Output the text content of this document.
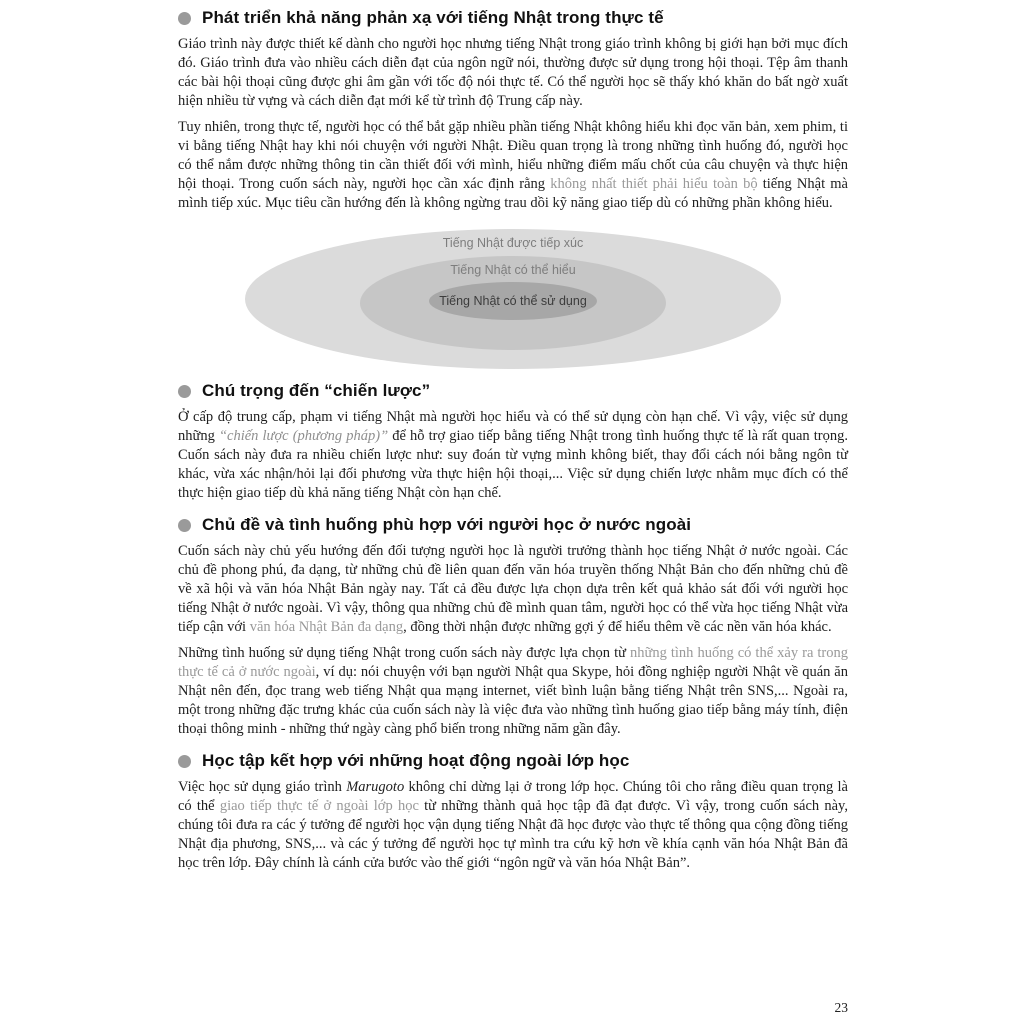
Phát triển khả năng phản xạ với tiếng Nhật trong thực tế

Giáo trình này được thiết kế dành cho người học nhưng tiếng Nhật trong giáo trình không bị giới hạn bởi mục đích đó. Giáo trình đưa vào nhiều cách diễn đạt của ngôn ngữ nói, thường được sử dụng trong hội thoại. Tệp âm thanh các bài hội thoại cũng được ghi âm gần với tốc độ nói thực tế. Có thể người học sẽ thấy khó khăn do bất ngờ xuất hiện nhiều từ vựng và cách diễn đạt mới kể từ trình độ Trung cấp này.

Tuy nhiên, trong thực tế, người học có thể bắt gặp nhiều phần tiếng Nhật không hiểu khi đọc văn bản, xem phim, ti vi bằng tiếng Nhật hay khi nói chuyện với người Nhật. Điều quan trọng là trong những tình huống đó, người học có thể nắm được những thông tin cần thiết đối với mình, hiểu những điểm mấu chốt của câu chuyện và thực hiện hội thoại. Trong cuốn sách này, người học cần xác định rằng không nhất thiết phải hiểu toàn bộ tiếng Nhật mà mình tiếp xúc. Mục tiêu cần hướng đến là không ngừng trau dồi kỹ năng giao tiếp dù có những phần không hiểu.

Tiếng Nhật được tiếp xúc
Tiếng Nhật có thể hiểu
Tiếng Nhật có thể sử dụng
Chú trọng đến “chiến lược”

Ở cấp độ trung cấp, phạm vi tiếng Nhật mà người học hiểu và có thể sử dụng còn hạn chế. Vì vậy, việc sử dụng những “chiến lược (phương pháp)” để hỗ trợ giao tiếp bằng tiếng Nhật trong tình huống thực tế là rất quan trọng. Cuốn sách này đưa ra nhiều chiến lược như: suy đoán từ vựng mình không biết, thay đổi cách nói bằng ngôn từ khác, vừa xác nhận/hỏi lại đối phương vừa thực hiện hội thoại,... Việc sử dụng chiến lược nhằm mục đích có thể thực hiện giao tiếp dù khả năng tiếng Nhật còn hạn chế.

Chủ đề và tình huống phù hợp với người học ở nước ngoài

Cuốn sách này chủ yếu hướng đến đối tượng người học là người trưởng thành học tiếng Nhật ở nước ngoài. Các chủ đề phong phú, đa dạng, từ những chủ đề liên quan đến văn hóa truyền thống Nhật Bản cho đến những chủ đề về xã hội và văn hóa Nhật Bản ngày nay. Tất cả đều được lựa chọn dựa trên kết quả khảo sát đối với người học tiếng Nhật ở nước ngoài. Vì vậy, thông qua những chủ đề mình quan tâm, người học có thể vừa học tiếng Nhật vừa tiếp cận với văn hóa Nhật Bản đa dạng, đồng thời nhận được những gợi ý để hiểu thêm về các nền văn hóa khác.

Những tình huống sử dụng tiếng Nhật trong cuốn sách này được lựa chọn từ những tình huống có thể xảy ra trong thực tế cả ở nước ngoài, ví dụ: nói chuyện với bạn người Nhật qua Skype, hỏi đồng nghiệp người Nhật về quán ăn Nhật nên đến, đọc trang web tiếng Nhật qua mạng internet, viết bình luận bằng tiếng Nhật trên SNS,... Ngoài ra, một trong những đặc trưng khác của cuốn sách này là việc đưa vào những tình huống giao tiếp bằng máy tính, điện thoại thông minh - những thứ ngày càng phổ biến trong những năm gần đây.

Học tập kết hợp với những hoạt động ngoài lớp học

Việc học sử dụng giáo trình Marugoto không chỉ dừng lại ở trong lớp học. Chúng tôi cho rằng điều quan trọng là có thể giao tiếp thực tế ở ngoài lớp học từ những thành quả học tập đã đạt được. Vì vậy, trong cuốn sách này, chúng tôi đưa ra các ý tưởng để người học vận dụng tiếng Nhật đã học được vào thực tế thông qua cộng đồng tiếng Nhật địa phương, SNS,... và các ý tưởng để người học tự mình tra cứu kỹ hơn về khía cạnh văn hóa Nhật Bản đã học trên lớp. Đây chính là cánh cửa bước vào thế giới “ngôn ngữ và văn hóa Nhật Bản”.

23
